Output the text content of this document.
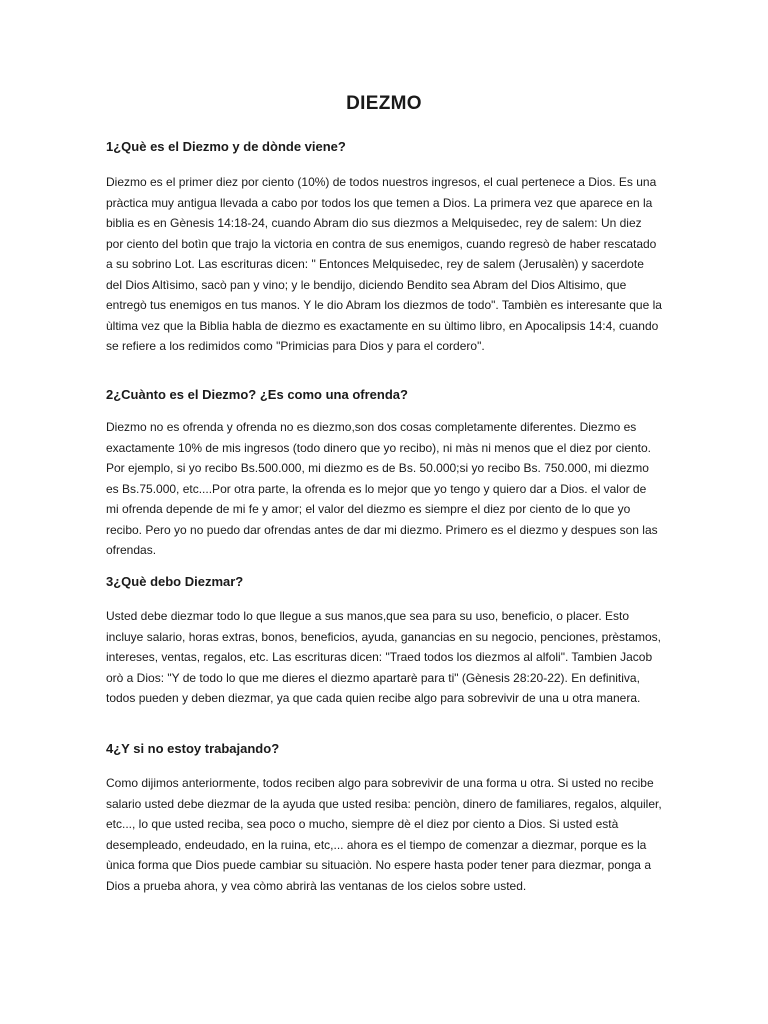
DIEZMO
1¿Què es el Diezmo y de dònde viene?

Diezmo es el primer diez por ciento (10%) de todos nuestros ingresos, el cual pertenece a Dios. Es una pràctica muy antigua llevada a cabo por todos los que temen a Dios. La primera vez que aparece en la biblia es en Gènesis 14:18-24, cuando Abram dio sus diezmos a Melquisedec, rey de salem: Un diez por ciento del botìn que trajo la victoria en contra de sus enemigos, cuando regresò de haber rescatado a su sobrino Lot. Las escrituras dicen: " Entonces Melquisedec, rey de salem (Jerusalèn) y sacerdote del Dios Altìsimo, sacò pan y vino; y le bendijo, diciendo Bendito sea Abram del Dios Altisimo, que entregò tus enemigos en tus manos. Y le dio Abram los diezmos de todo". Tambièn es interesante que la ùltima vez que la Biblia habla de diezmo es exactamente en su ùltimo libro, en Apocalipsis 14:4, cuando se refiere a los redimidos como "Primicias para Dios y para el cordero".

2¿Cuànto es el Diezmo? ¿Es como una ofrenda?

Diezmo no es ofrenda y ofrenda no es diezmo,son dos cosas completamente diferentes. Diezmo es exactamente 10% de mis ingresos (todo dinero que yo recibo), ni màs ni menos que el diez por ciento. Por ejemplo, si yo recibo Bs.500.000, mi diezmo es de Bs. 50.000;si yo recibo Bs. 750.000, mi diezmo es Bs.75.000, etc....Por otra parte, la ofrenda es lo mejor que yo tengo y quiero dar a Dios. el valor de mi ofrenda depende de mi fe y amor; el valor del diezmo es siempre el diez por ciento de lo que yo recibo. Pero yo no puedo dar ofrendas antes de dar mi diezmo. Primero es el diezmo y despues son las ofrendas.

3¿Què debo Diezmar?

Usted debe diezmar todo lo que llegue a sus manos,que sea para su uso, beneficio, o placer. Esto incluye salario, horas extras, bonos, beneficios, ayuda, ganancias en su negocio, penciones, prèstamos, intereses, ventas, regalos, etc. Las escrituras dicen: "Traed todos los diezmos al alfoli". Tambien Jacob orò a Dios: "Y de todo lo que me dieres el diezmo apartarè para ti" (Gènesis 28:20-22). En definitiva, todos pueden y deben diezmar, ya que cada quien recibe algo para sobrevivir de una u otra manera.

4¿Y si no estoy trabajando?

Como dijimos anteriormente, todos reciben algo para sobrevivir de una forma u otra. Si usted no recibe salario usted debe diezmar de la ayuda que usted resiba: penciòn, dinero de familiares, regalos, alquiler, etc..., lo que usted reciba, sea poco o mucho, siempre dè el diez por ciento a Dios. Si usted està desempleado, endeudado, en la ruina, etc,... ahora es el tiempo de comenzar a diezmar, porque es la ùnica forma que Dios puede cambiar su situaciòn. No espere hasta poder tener para diezmar, ponga a Dios a prueba ahora, y vea còmo abrirà las ventanas de los cielos sobre usted.
